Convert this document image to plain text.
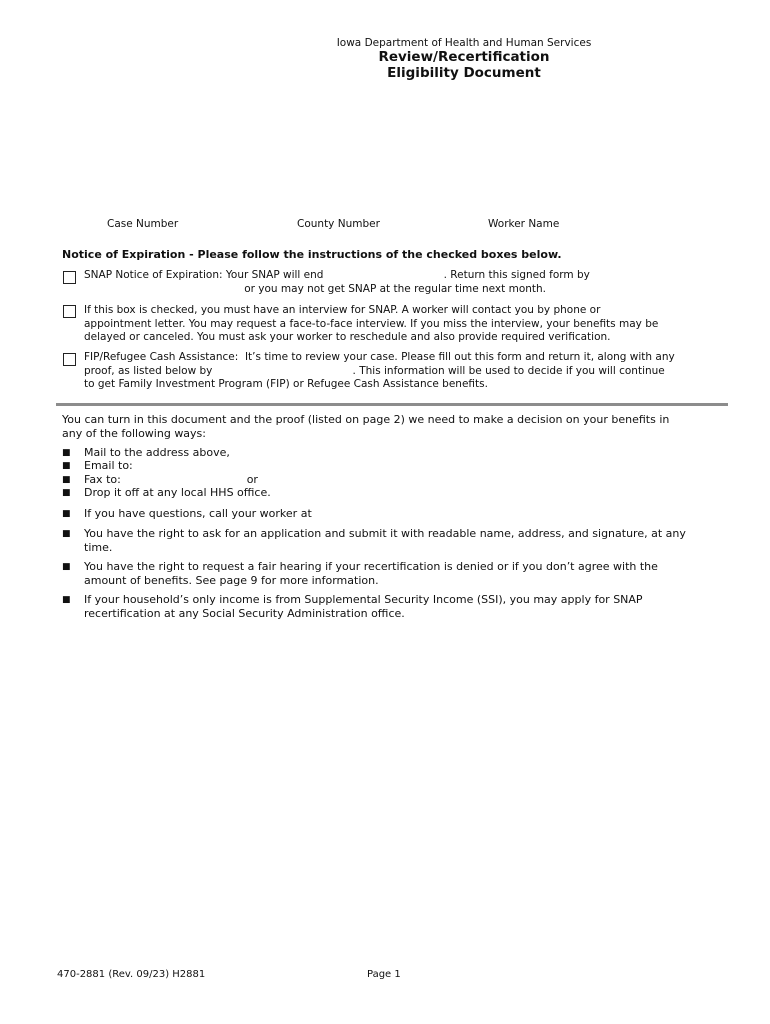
Iowa Department of Health and Human Services
Review/Recertification
Eligibility Document
Case Number	County Number	Worker Name
Notice of Expiration - Please follow the instructions of the checked boxes below.
SNAP Notice of Expiration: Your SNAP will end                                    . Return this signed form by
or you may not get SNAP at the regular time next month.
If this box is checked, you must have an interview for SNAP. A worker will contact you by phone or
appointment letter. You may request a face-to-face interview. If you miss the interview, your benefits may be
delayed or canceled. You must ask your worker to reschedule and also provide required verification.
FIP/Refugee Cash Assistance:  It’s time to review your case. Please fill out this form and return it, along with any
proof, as listed below by                                          . This information will be used to decide if you will continue
to get Family Investment Program (FIP) or Refugee Cash Assistance benefits.
You can turn in this document and the proof (listed on page 2) we need to make a decision on your benefits in
any of the following ways:
■ Mail to the address above,
■ Email to:
■ Fax to:                                    or
■ Drop it off at any local HHS office.
■ If you have questions, call your worker at
■ You have the right to ask for an application and submit it with readable name, address, and signature, at any
time.
■ You have the right to request a fair hearing if your recertification is denied or if you don’t agree with the
amount of benefits. See page 9 for more information.
■ If your household’s only income is from Supplemental Security Income (SSI), you may apply for SNAP
recertification at any Social Security Administration office.
470-2881 (Rev. 09/23) H2881	Page 1
